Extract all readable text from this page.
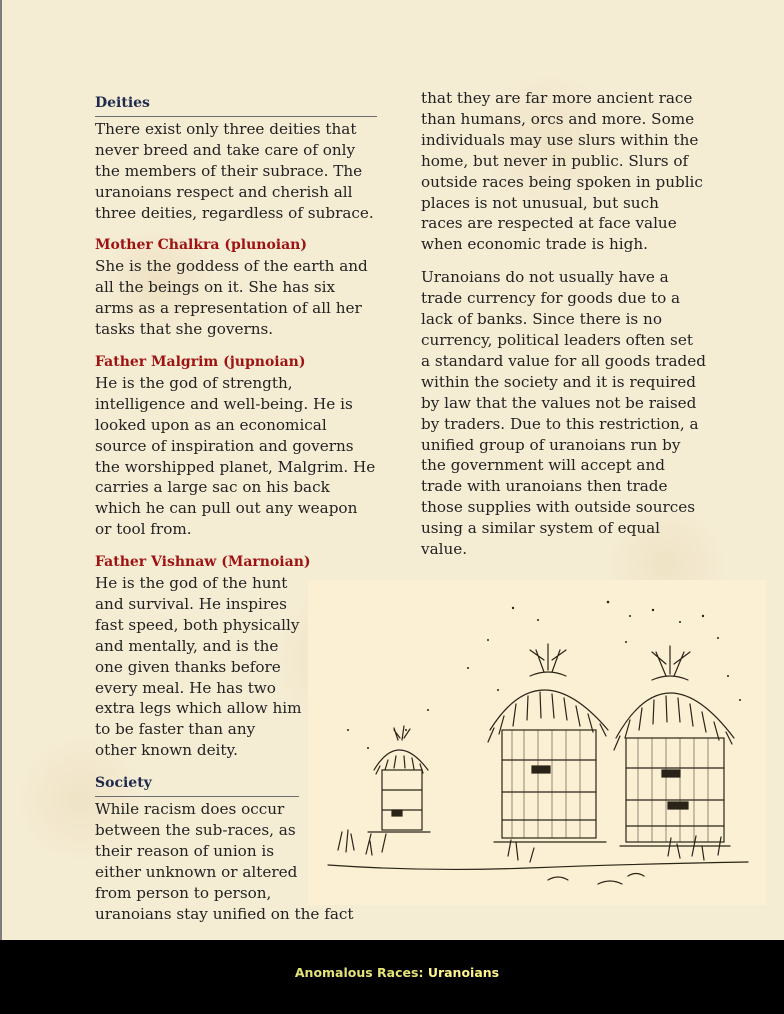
Deities
There exist only three deities that
never breed and take care of only
the members of their subrace. The
uranoians respect and cherish all
three deities, regardless of subrace.
Mother Chalkra (plunoian)
She is the goddess of the earth and
all the beings on it. She has six
arms as a representation of all her
tasks that she governs.
Father Malgrim (jupnoian)
He is the god of strength,
intelligence and well-being. He is
looked upon as an economical
source of inspiration and governs
the worshipped planet, Malgrim. He
carries a large sac on his back
which he can pull out any weapon
or tool from.
Father Vishnaw (Marnoian)
He is the god of the hunt
and survival. He inspires
fast speed, both physically
and mentally, and is the
one given thanks before
every meal. He has two
extra legs which allow him
to be faster than any
other known deity.
Society
While racism does occur
between the sub-races, as
their reason of union is
either unknown or altered
from person to person,
uranoians stay unified on the fact
that they are far more ancient race
than humans, orcs and more. Some
individuals may use slurs within the
home, but never in public. Slurs of
outside races being spoken in public
places is not unusual, but such
races are respected at face value
when economic trade is high.
Uranoians do not usually have a
trade currency for goods due to a
lack of banks. Since there is no
currency, political leaders often set
a standard value for all goods traded
within the society and it is required
by law that the values not be raised
by traders. Due to this restriction, a
unified group of uranoians run by
the government will accept and
trade with uranoians then trade
those supplies with outside sources
using a similar system of equal
value.
Anomalous Races: Uranoians
